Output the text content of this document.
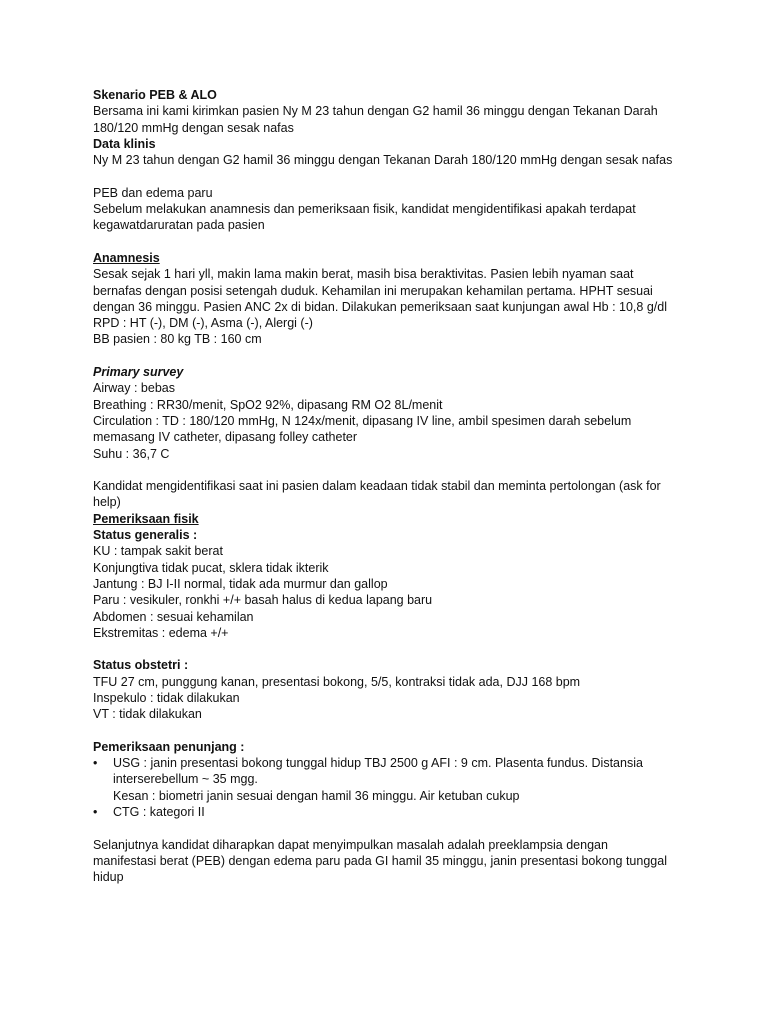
Skenario PEB & ALO
Bersama ini kami kirimkan pasien Ny M 23 tahun dengan G2 hamil 36 minggu dengan Tekanan Darah
180/120 mmHg dengan sesak nafas
Data klinis
Ny M 23 tahun dengan G2 hamil 36 minggu dengan Tekanan Darah 180/120 mmHg dengan sesak nafas
PEB dan edema paru
Sebelum melakukan anamnesis dan pemeriksaan fisik, kandidat mengidentifikasi apakah terdapat
kegawatdaruratan pada pasien
Anamnesis
Sesak sejak 1 hari yll, makin lama makin berat, masih bisa beraktivitas. Pasien lebih nyaman saat
bernafas dengan posisi setengah duduk. Kehamilan ini merupakan kehamilan pertama. HPHT sesuai
dengan 36 minggu. Pasien ANC 2x di bidan. Dilakukan pemeriksaan saat kunjungan awal Hb : 10,8 g/dl
RPD : HT (-), DM (-), Asma (-), Alergi (-)
BB pasien : 80 kg TB : 160 cm
Primary survey
Airway : bebas
Breathing : RR30/menit, SpO2 92%, dipasang RM O2 8L/menit
Circulation : TD : 180/120 mmHg, N 124x/menit, dipasang IV line, ambil spesimen darah sebelum
memasang IV catheter, dipasang folley catheter
Suhu : 36,7 C
Kandidat mengidentifikasi saat ini pasien dalam keadaan tidak stabil dan meminta pertolongan (ask for
help)
Pemeriksaan fisik
Status generalis :
KU : tampak sakit berat
Konjungtiva tidak pucat, sklera tidak ikterik
Jantung : BJ I-II normal, tidak ada murmur dan gallop
Paru : vesikuler, ronkhi +/+ basah halus di kedua lapang baru
Abdomen : sesuai kehamilan
Ekstremitas : edema +/+
Status obstetri :
TFU 27 cm, punggung kanan, presentasi bokong, 5/5, kontraksi tidak ada, DJJ 168 bpm
Inspekulo : tidak dilakukan
VT : tidak dilakukan
Pemeriksaan penunjang :
•	USG : janin presentasi bokong tunggal hidup TBJ 2500 g AFI : 9 cm. Plasenta fundus. Distansia
interserebellum ~ 35 mgg.
Kesan : biometri janin sesuai dengan hamil 36 minggu. Air ketuban cukup
•	CTG : kategori II
Selanjutnya kandidat diharapkan dapat menyimpulkan masalah adalah preeklampsia dengan
manifestasi berat (PEB) dengan edema paru pada GI hamil 35 minggu, janin presentasi bokong tunggal
hidup
